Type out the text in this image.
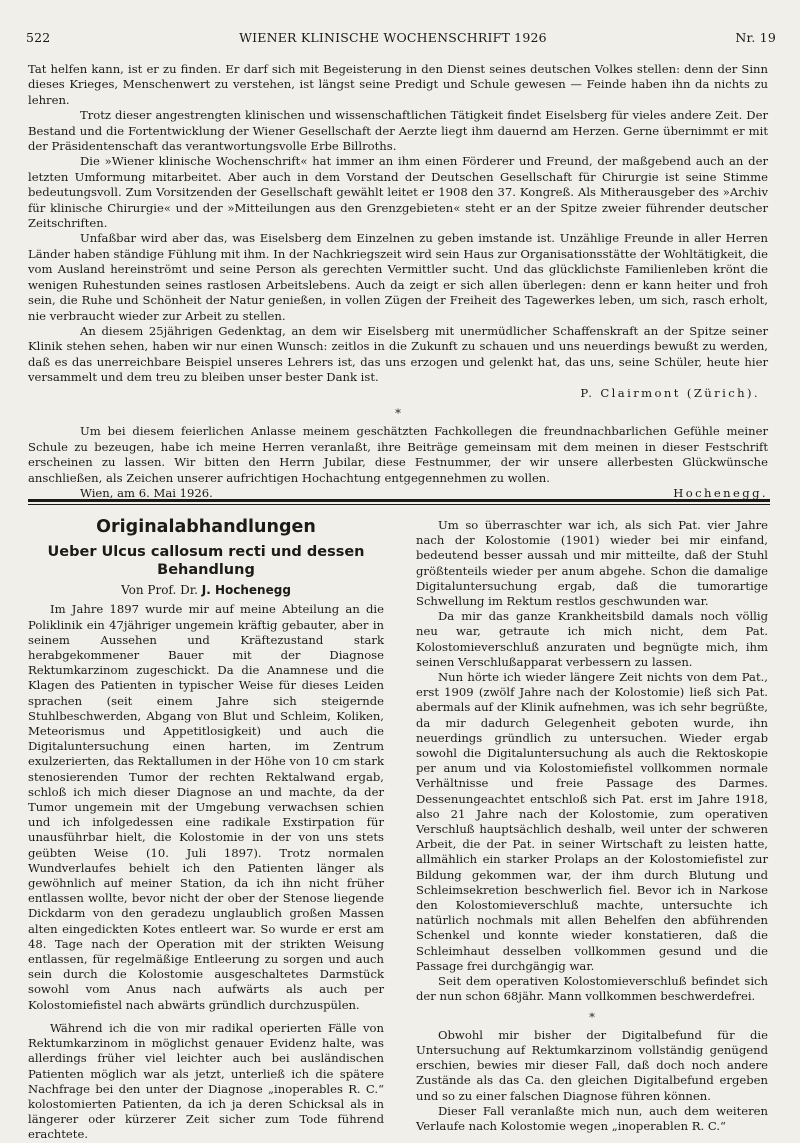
522	WIENER KLINISCHE WOCHENSCHRIFT 1926	Nr. 19

Tat helfen kann, ist er zu finden. Er darf sich mit Begeisterung in den Dienst seines deutschen Volkes stellen: denn der Sinn dieses Krieges, Menschenwert zu verstehen, ist längst seine Predigt und Schule gewesen — Feinde haben ihn da nichts zu lehren.

Trotz dieser angestrengten klinischen und wissenschaftlichen Tätigkeit findet Eiselsberg für vieles andere Zeit. Der Bestand und die Fortentwicklung der Wiener Gesellschaft der Aerzte liegt ihm dauernd am Herzen. Gerne übernimmt er mit der Präsidentenschaft das verantwortungsvolle Erbe Billroths.

Die »Wiener klinische Wochenschrift« hat immer an ihm einen Förderer und Freund, der maßgebend auch an der letzten Umformung mitarbeitet. Aber auch in dem Vorstand der Deutschen Gesellschaft für Chirurgie ist seine Stimme bedeutungsvoll. Zum Vorsitzenden der Gesellschaft gewählt leitet er 1908 den 37. Kongreß. Als Mitherausgeber des »Archiv für klinische Chirurgie« und der »Mitteilungen aus den Grenzgebieten« steht er an der Spitze zweier führender deutscher Zeitschriften.

Unfaßbar wird aber das, was Eiselsberg dem Einzelnen zu geben imstande ist. Unzählige Freunde in aller Herren Länder haben ständige Fühlung mit ihm. In der Nachkriegszeit wird sein Haus zur Organisationsstätte der Wohltätigkeit, die vom Ausland hereinströmt und seine Person als gerechten Vermittler sucht. Und das glücklichste Familienleben krönt die wenigen Ruhestunden seines rastlosen Arbeitslebens. Auch da zeigt er sich allen überlegen: denn er kann heiter und froh sein, die Ruhe und Schönheit der Natur genießen, in vollen Zügen der Freiheit des Tagewerkes leben, um sich, rasch erholt, nie verbraucht wieder zur Arbeit zu stellen.

An diesem 25jährigen Gedenktag, an dem wir Eiselsberg mit unermüdlicher Schaffenskraft an der Spitze seiner Klinik stehen sehen, haben wir nur einen Wunsch: zeitlos in die Zukunft zu schauen und uns neuerdings bewußt zu werden, daß es das unerreichbare Beispiel unseres Lehrers ist, das uns erzogen und gelenkt hat, das uns, seine Schüler, heute hier versammelt und dem treu zu bleiben unser bester Dank ist.

P. Clairmont (Zürich).
*

Um bei diesem feierlichen Anlasse meinem geschätzten Fachkollegen die freundnachbarlichen Gefühle meiner Schule zu bezeugen, habe ich meine Herren veranlaßt, ihre Beiträge gemeinsam mit dem meinen in dieser Festschrift erscheinen zu lassen. Wir bitten den Herrn Jubilar, diese Festnummer, der wir unsere allerbesten Glückwünsche anschließen, als Zeichen unserer aufrichtigen Hochachtung entgegennehmen zu wollen.

Wien, am 6. Mai 1926.	Hochenegg.
Originalabhandlungen
Ueber Ulcus callosum recti und dessen Behandlung
Von Prof. Dr. J. Hochenegg

Im Jahre 1897 wurde mir auf meine Abteilung an die Poliklinik ein 47jähriger ungemein kräftig gebauter, aber in seinem Aussehen und Kräftezustand stark herabgekommener Bauer mit der Diagnose Rektumkarzinom zugeschickt. Da die Anamnese und die Klagen des Patienten in typischer Weise für dieses Leiden sprachen (seit einem Jahre sich steigernde Stuhlbeschwerden, Abgang von Blut und Schleim, Koliken, Meteorismus und Appetitlosigkeit) und auch die Digitaluntersuchung einen harten, im Zentrum exulzerierten, das Rektallumen in der Höhe von 10 cm stark stenosierenden Tumor der rechten Rektalwand ergab, schloß ich mich dieser Diagnose an und machte, da der Tumor ungemein mit der Umgebung verwachsen schien und ich infolgedessen eine radikale Exstirpation für unausführbar hielt, die Kolostomie in der von uns stets geübten Weise (10. Juli 1897). Trotz normalen Wundverlaufes behielt ich den Patienten länger als gewöhnlich auf meiner Station, da ich ihn nicht früher entlassen wollte, bevor nicht der ober der Stenose liegende Dickdarm von den geradezu unglaublich großen Massen alten eingedickten Kotes entleert war. So wurde er erst am 48. Tage nach der Operation mit der strikten Weisung entlassen, für regelmäßige Entleerung zu sorgen und auch sein durch die Kolostomie ausgeschaltetes Darmstück sowohl vom Anus nach aufwärts als auch per Kolostomiefistel nach abwärts gründlich durchzuspülen.

Während ich die von mir radikal operierten Fälle von Rektumkarzinom in möglichst genauer Evidenz halte, was allerdings früher viel leichter auch bei ausländischen Patienten möglich war als jetzt, unterließ ich die spätere Nachfrage bei den unter der Diagnose „inoperables R. C.“ kolostomierten Patienten, da ich ja deren Schicksal als in längerer oder kürzerer Zeit sicher zum Tode führend erachtete.

Um so überraschter war ich, als sich Pat. vier Jahre nach der Kolostomie (1901) wieder bei mir einfand, bedeutend besser aussah und mir mitteilte, daß der Stuhl größtenteils wieder per anum abgehe. Schon die damalige Digitaluntersuchung ergab, daß die tumorartige Schwellung im Rektum restlos geschwunden war.

Da mir das ganze Krankheitsbild damals noch völlig neu war, getraute ich mich nicht, dem Pat. Kolostomieverschluß anzuraten und begnügte mich, ihm seinen Verschlußapparat verbessern zu lassen.

Nun hörte ich wieder längere Zeit nichts von dem Pat., erst 1909 (zwölf Jahre nach der Kolostomie) ließ sich Pat. abermals auf der Klinik aufnehmen, was ich sehr begrüßte, da mir dadurch Gelegenheit geboten wurde, ihn neuerdings gründlich zu untersuchen. Wieder ergab sowohl die Digitaluntersuchung als auch die Rektoskopie per anum und via Kolostomiefistel vollkommen normale Verhältnisse und freie Passage des Darmes. Dessenungeachtet entschloß sich Pat. erst im Jahre 1918, also 21 Jahre nach der Kolostomie, zum operativen Verschluß hauptsächlich deshalb, weil unter der schweren Arbeit, die der Pat. in seiner Wirtschaft zu leisten hatte, allmählich ein starker Prolaps an der Kolostomiefistel zur Bildung gekommen war, der ihm durch Blutung und Schleimsekretion beschwerlich fiel. Bevor ich in Narkose den Kolostomieverschluß machte, untersuchte ich natürlich nochmals mit allen Behelfen den abführenden Schenkel und konnte wieder konstatieren, daß die Schleimhaut desselben vollkommen gesund und die Passage frei durchgängig war.

Seit dem operativen Kolostomieverschluß befindet sich der nun schon 68jähr. Mann vollkommen beschwerdefrei.

*

Obwohl mir bisher der Digitalbefund für die Untersuchung auf Rektumkarzinom vollständig genügend erschien, bewies mir dieser Fall, daß doch noch andere Zustände als das Ca. den gleichen Digitalbefund ergeben und so zu einer falschen Diagnose führen können.

Dieser Fall veranlaßte mich nun, auch dem weiteren Verlaufe nach Kolostomie wegen „inoperablen R. C.“
